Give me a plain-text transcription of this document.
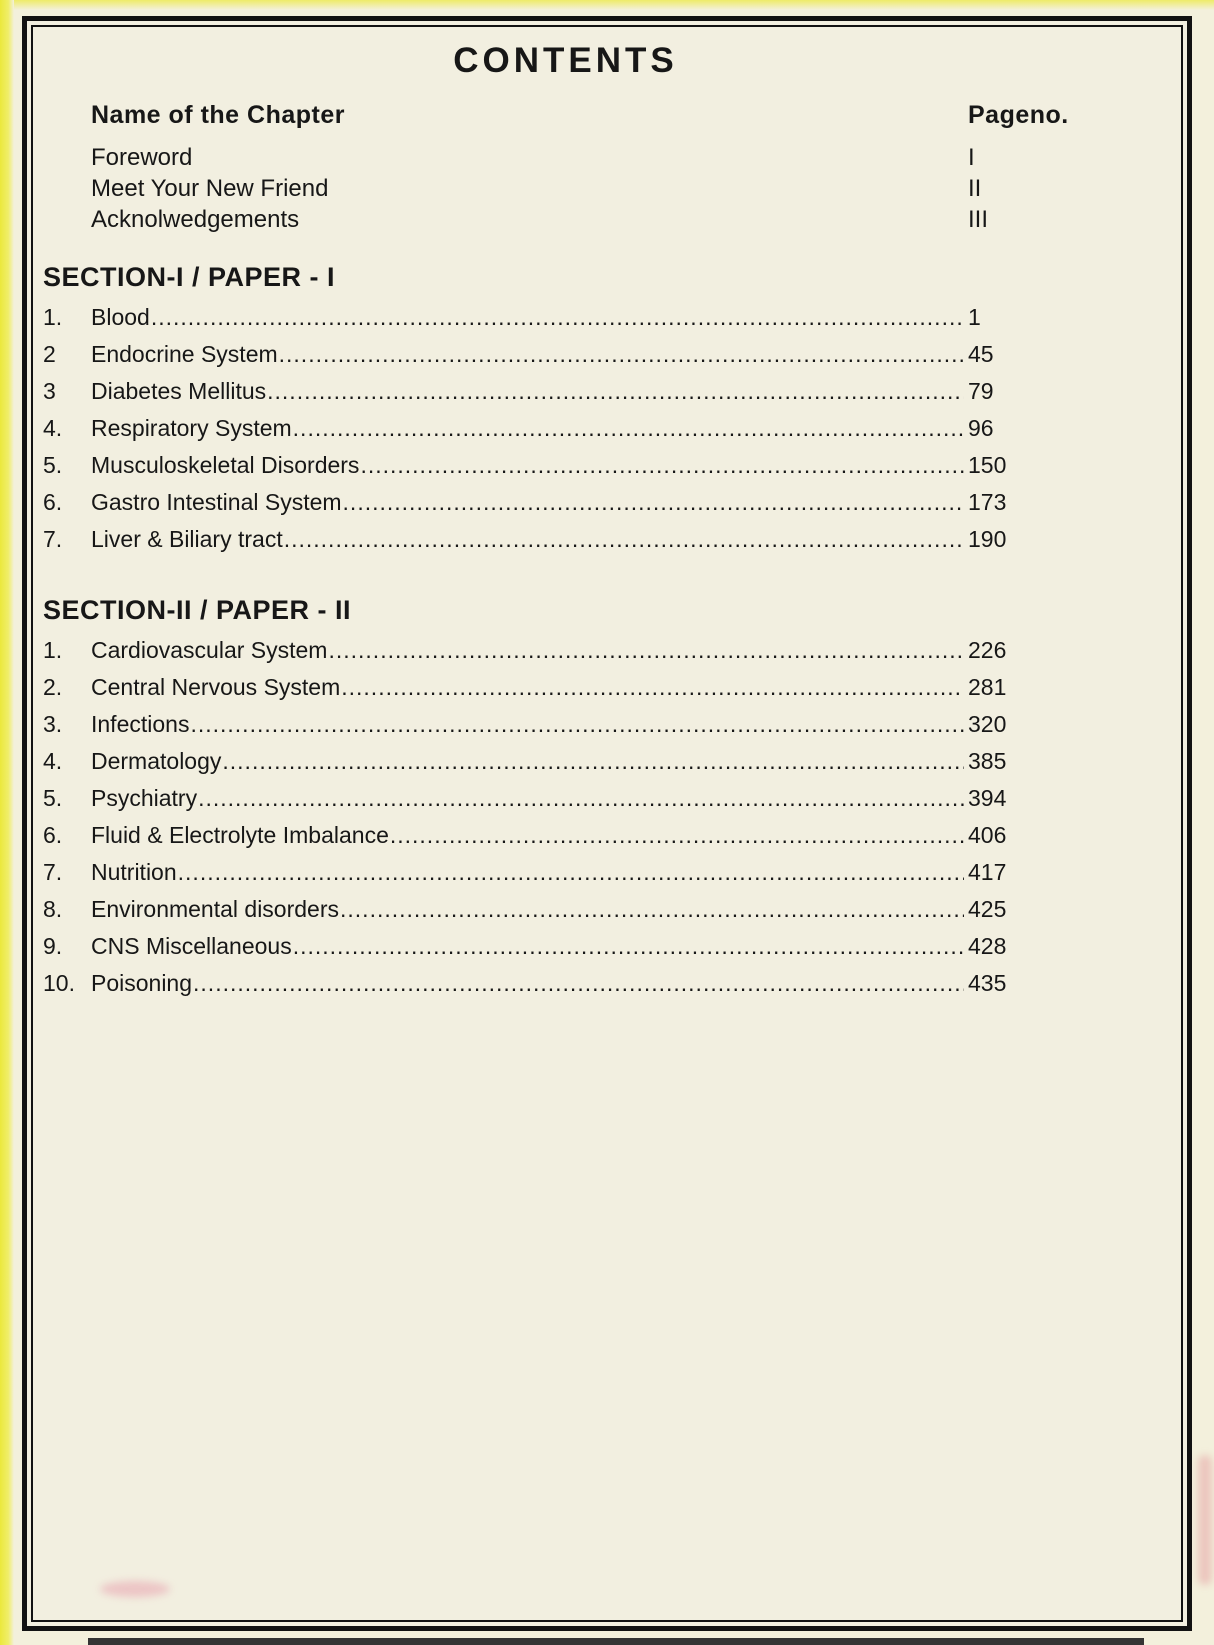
CONTENTS
Name of the Chapter	Pageno.
Foreword	I
Meet Your New Friend	II
Acknolwedgements	III
SECTION-I / PAPER - I
1.	Blood .....	1
2	Endocrine System .....	45
3	Diabetes Mellitus .....	79
4.	Respiratory System .....	96
5.	Musculoskeletal Disorders .....	150
6.	Gastro Intestinal System .....	173
7.	Liver & Biliary tract .....	190
SECTION-II / PAPER - II
1.	Cardiovascular System .....	226
2.	Central Nervous System .....	281
3.	Infections .....	320
4.	Dermatology .....	385
5.	Psychiatry .....	394
6.	Fluid & Electrolyte Imbalance .....	406
7.	Nutrition .....	417
8.	Environmental disorders .....	425
9.	CNS Miscellaneous .....	428
10. Poisoning .....	435
